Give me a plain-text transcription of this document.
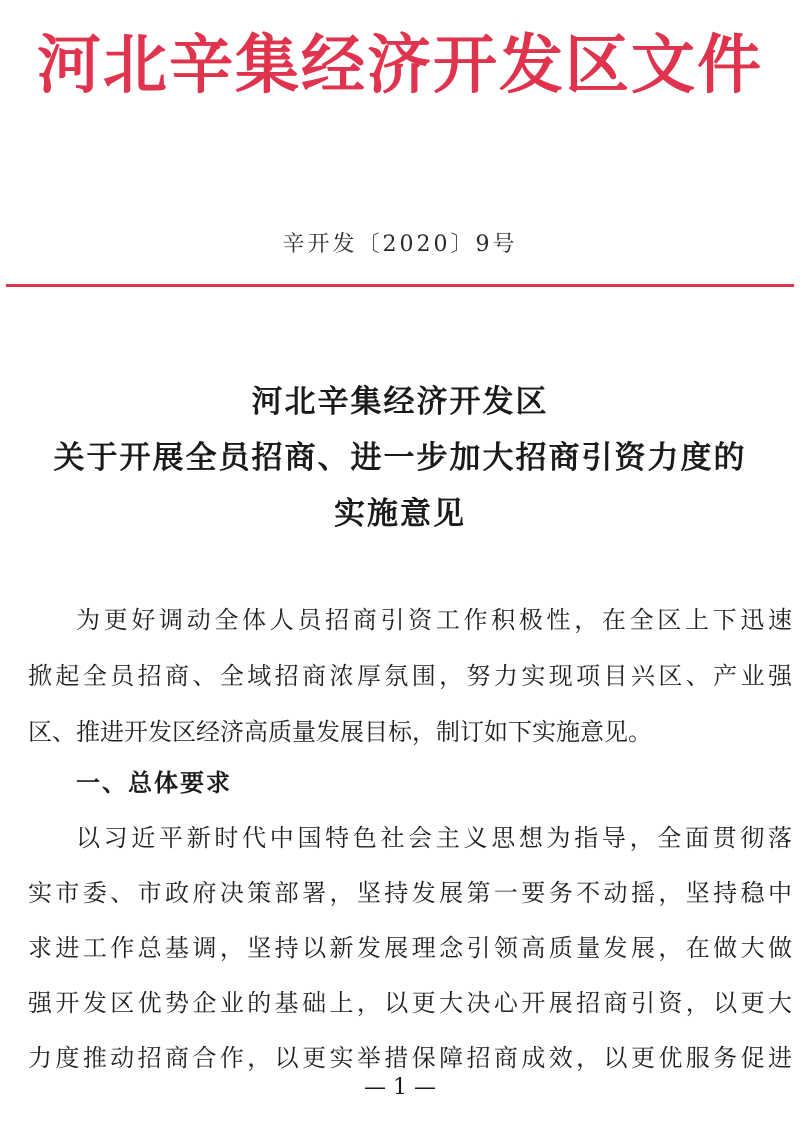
河北辛集经济开发区文件
辛开发〔2020〕9号
河北辛集经济开发区
关于开展全员招商、进一步加大招商引资力度的
实施意见
为更好调动全体人员招商引资工作积极性，在全区上下迅速
掀起全员招商、全域招商浓厚氛围，努力实现项目兴区、产业强
区、推进开发区经济高质量发展目标，制订如下实施意见。
一、总体要求
以习近平新时代中国特色社会主义思想为指导，全面贯彻落
实市委、市政府决策部署，坚持发展第一要务不动摇，坚持稳中
求进工作总基调，坚持以新发展理念引领高质量发展，在做大做
强开发区优势企业的基础上，以更大决心开展招商引资，以更大
力度推动招商合作，以更实举措保障招商成效，以更优服务促进
— 1 —
